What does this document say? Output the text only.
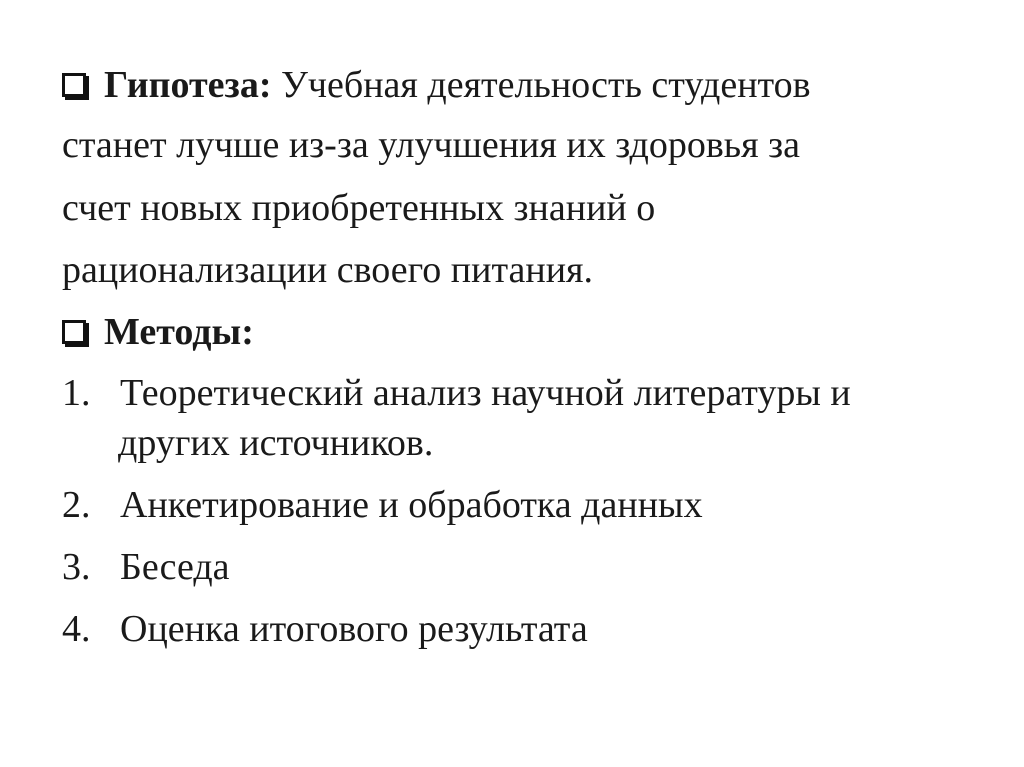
Гипотеза: Учебная деятельность студентов
станет лучше из-за улучшения их здоровья за
счет новых приобретенных знаний о
рационализации своего питания.
Методы:
1. Теоретический анализ научной литературы и
других источников.
2. Анкетирование и обработка данных
3. Беседа
4. Оценка итогового результата
